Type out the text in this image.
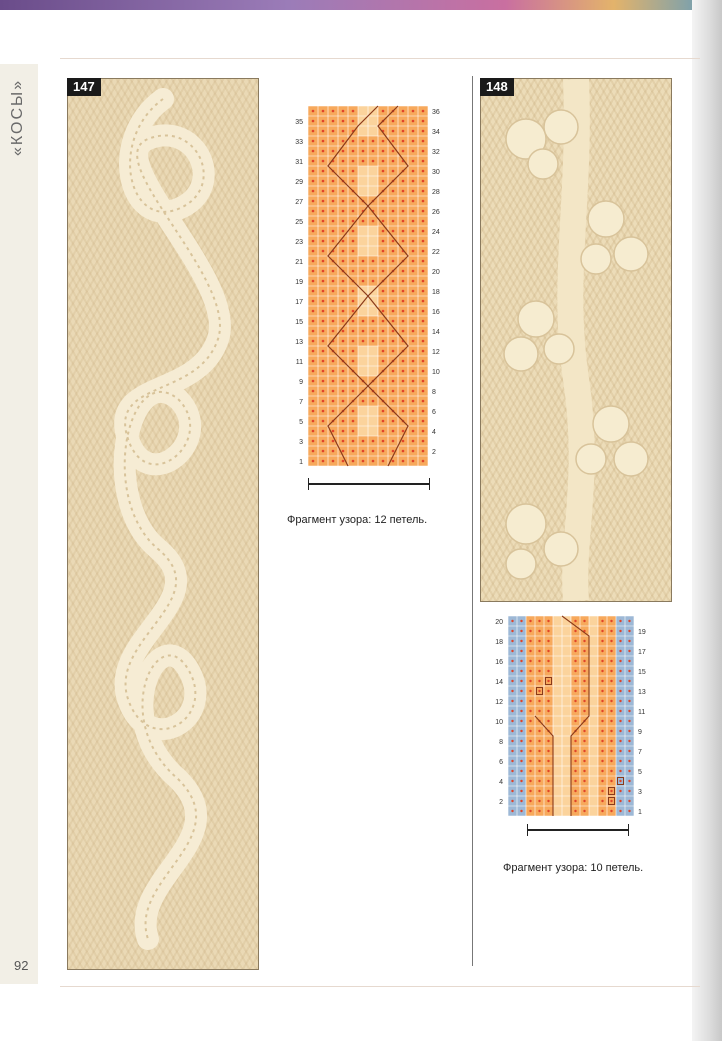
«КОСЫ»
92
147
1
3
5
7
9
11
13
15
17
19
21
23
25
27
29
31
33
35
2
4
6
8
10
12
14
16
18
20
22
24
26
28
30
32
34
36
Фрагмент узора: 12 петель.
148
2
4
6
8
10
12
14
16
18
20
1
3
5
7
9
11
13
15
17
19
Фрагмент узора: 10 петель.
